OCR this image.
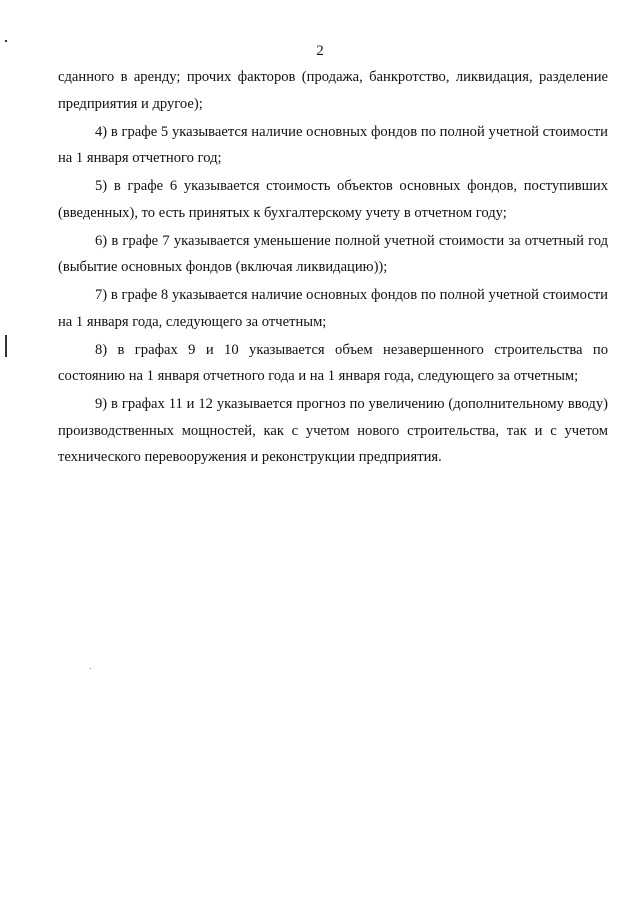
2

сданного в аренду; прочих факторов (продажа, банкротство, ликвидация, разделение предприятия и другое);

4) в графе 5 указывается наличие основных фондов по полной учетной стоимости на 1 января отчетного год;

5) в графе 6 указывается стоимость объектов основных фондов, поступивших (введенных), то есть принятых к бухгалтерскому учету в отчетном году;

6) в графе 7 указывается уменьшение полной учетной стоимости за отчетный год (выбытие основных фондов (включая ликвидацию));

7) в графе 8 указывается наличие основных фондов по полной учетной стоимости на 1 января года, следующего за отчетным;

8) в графах 9 и 10 указывается объем незавершенного строительства по состоянию на 1 января отчетного года и на 1 января года, следующего за отчетным;

9) в графах 11 и 12 указывается прогноз по увеличению (дополнительному вводу) производственных мощностей, как с учетом нового строительства, так и с учетом технического перевооружения и реконструкции предприятия.
